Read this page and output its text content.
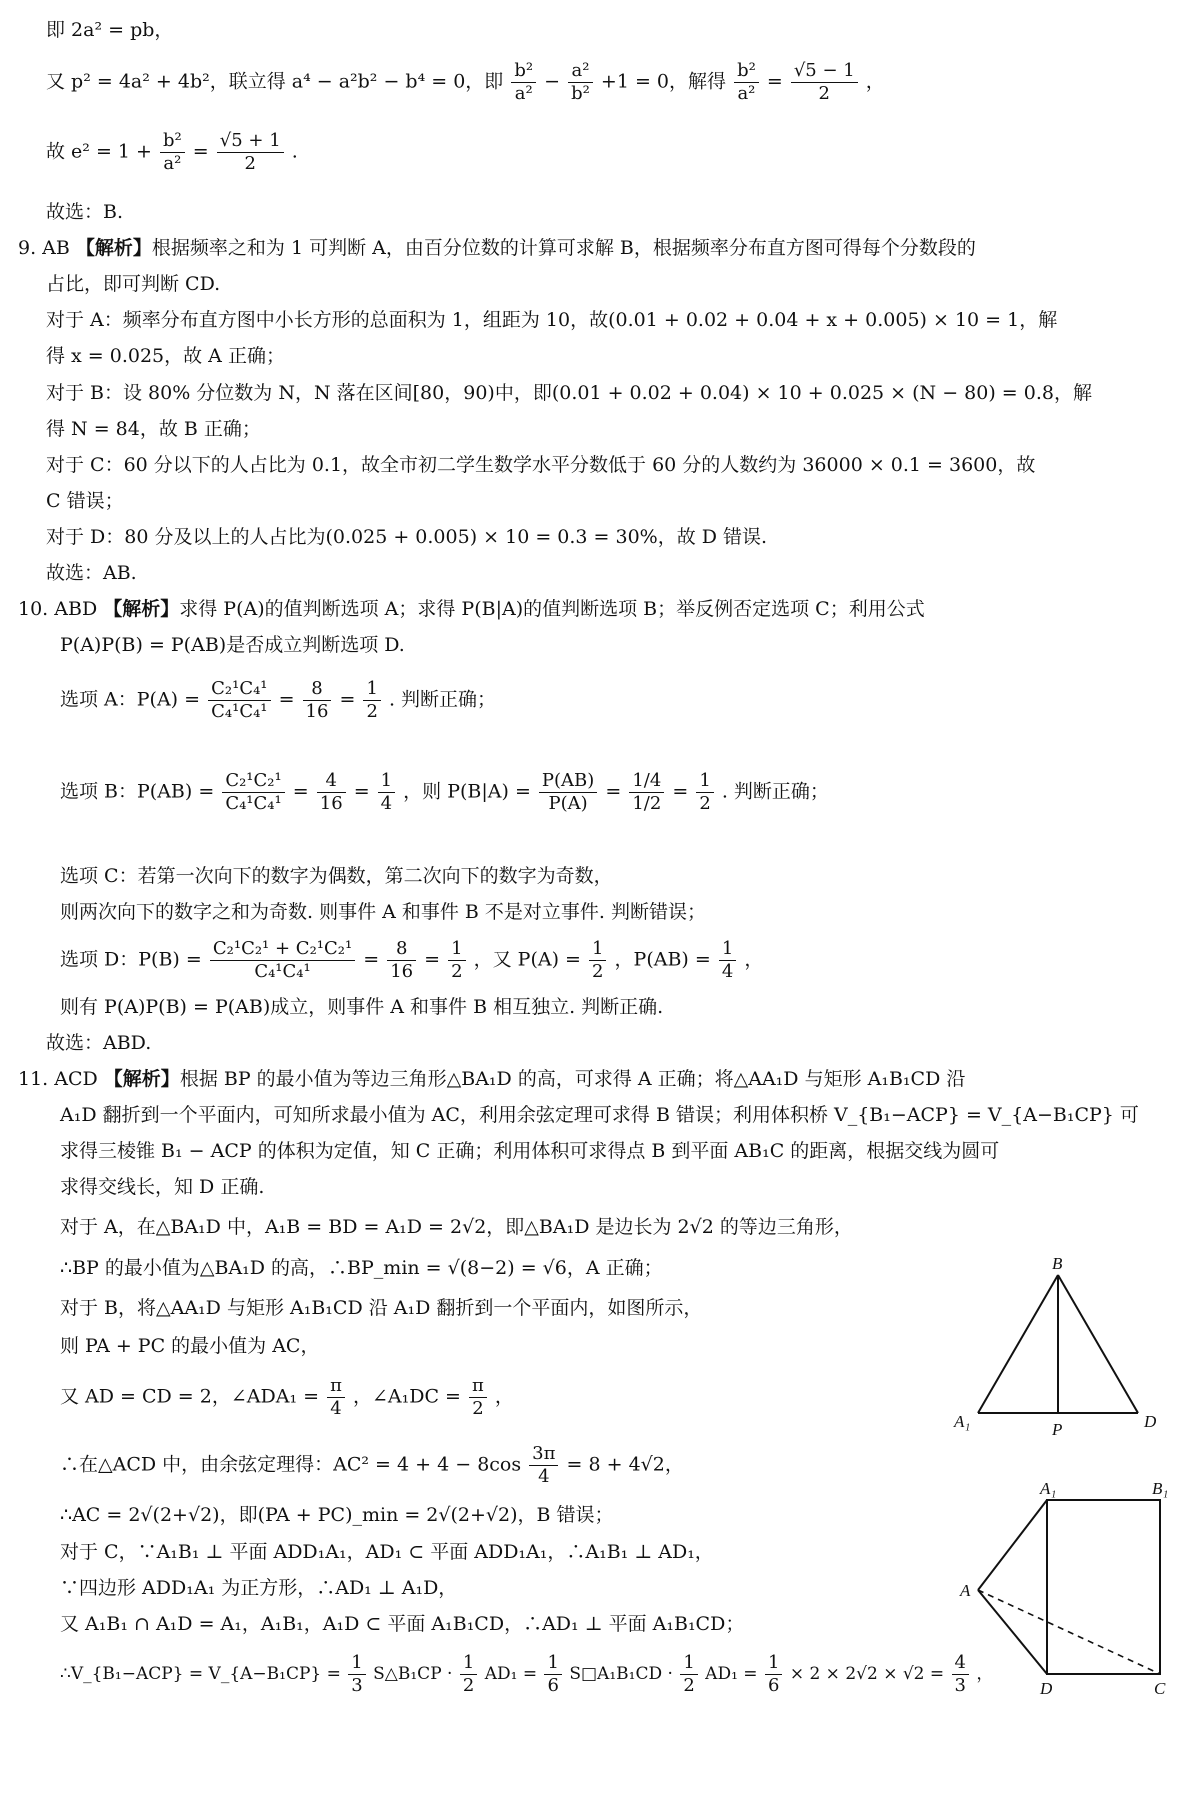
即 2a² = pb，
又 p² = 4a² + 4b²，联立得 a⁴ − a²b² − b⁴ = 0，即 $\frac{\text{b²}}{\text{a²}} - \frac{\text{a²}}{\text{b²}} +1 = 0$，解得 $\frac{\text{b²}}{\text{a²}} = \frac{√5 - 1}{2}$ ，
故 $e^2 = 1 + \frac{\text{b²}}{\text{a²}} = \frac{√5 + 1}{2}$ .
故选：B.
9. AB 【解析】根据频率之和为 1 可判断 A，由百分位数的计算可求解 B，根据频率分布直方图可得每个分数段的
占比，即可判断 CD.
对于 A：频率分布直方图中小长方形的总面积为 1，组距为 10，故(0.01 + 0.02 + 0.04 + x + 0.005) × 10 = 1，解
得 x = 0.025，故 A 正确；
对于 B：设 80% 分位数为 N，N 落在区间[80，90)中，即(0.01 + 0.02 + 0.04) × 10 + 0.025 × (N − 80) = 0.8，解
得 N = 84，故 B 正确；
对于 C：60 分以下的人占比为 0.1，故全市初二学生数学水平分数低于 60 分的人数约为 36000 × 0.1 = 3600，故
C 错误；
对于 D：80 分及以上的人占比为(0.025 + 0.005) × 10 = 0.3 = 30%，故 D 错误.
故选：AB.
10. ABD 【解析】求得 P(A)的值判断选项 A；求得 P(B|A)的值判断选项 B；举反例否定选项 C；利用公式
P(A)P(B) = P(AB)是否成立判断选项 D.
选项 A：$P(A) = \frac{\text{C₂¹C₄¹}}{\text{C₄¹C₄¹}} = \frac{8}{16} = \frac{1}{2}$ . 判断正确；
选项 B：$P(AB) = \frac{\text{C₂¹C₂¹}}{\text{C₄¹C₄¹}} = \frac{4}{16} = \frac{1}{4}$ ，则 $P(B|A) = \frac{P(AB)}{P(A)} = \frac{1/4}{1/2} = \frac{1}{2}$ . 判断正确；
选项 C：若第一次向下的数字为偶数，第二次向下的数字为奇数，
则两次向下的数字之和为奇数. 则事件 A 和事件 B 不是对立事件. 判断错误；
选项 D：$P(B) = \frac{\text{C₂¹C₂¹ + C₂¹C₂¹}}{\text{C₄¹C₄¹}} = \frac{8}{16} = \frac{1}{2}$ ，又 $P(A) = \frac{1}{2}$ ，$P(AB) = \frac{1}{4}$ ，
则有 P(A)P(B) = P(AB)成立，则事件 A 和事件 B 相互独立. 判断正确.
故选：ABD.
11. ACD 【解析】根据 BP 的最小值为等边三角形△BA₁D 的高，可求得 A 正确；将△AA₁D 与矩形 A₁B₁CD 沿
A₁D 翻折到一个平面内，可知所求最小值为 AC，利用余弦定理可求得 B 错误；利用体积桥 V_{B₁−ACP} = V_{A−B₁CP} 可
求得三棱锥 B₁ − ACP 的体积为定值，知 C 正确；利用体积可求得点 B 到平面 AB₁C 的距离，根据交线为圆可
求得交线长，知 D 正确.
对于 A，在△BA₁D 中，A₁B = BD = A₁D = 2√2，即△BA₁D 是边长为 2√2 的等边三角形，
∴BP 的最小值为△BA₁D 的高，∴BP_min = √(8−2) = √6，A 正确；
对于 B，将△AA₁D 与矩形 A₁B₁CD 沿 A₁D 翻折到一个平面内，如图所示，
则 PA + PC 的最小值为 AC，
又 AD = CD = 2，∠ADA₁ = $\frac{\pi}{4}$ ，∠A₁DC = $\frac{\pi}{2}$ ，
∴在△ACD 中，由余弦定理得：$AC^2 = 4 + 4 - 8\cos \frac{3\pi}{4} = 8 + 4√2$，
∴AC = 2√(2+√2)，即(PA + PC)_min = 2√(2+√2)，B 错误；
对于 C，∵A₁B₁ ⊥ 平面 ADD₁A₁，AD₁ ⊂ 平面 ADD₁A₁，∴A₁B₁ ⊥ AD₁，
∵四边形 ADD₁A₁ 为正方形，∴AD₁ ⊥ A₁D，
又 A₁B₁ ∩ A₁D = A₁，A₁B₁，A₁D ⊂ 平面 A₁B₁CD，∴AD₁ ⊥ 平面 A₁B₁CD；
∴V_{B₁−ACP} = V_{A−B₁CP} = $\frac{1}{3}$ S△B₁CP · $\frac{1}{2} AD_1 = \frac{1}{6}$ S□A₁B₁CD · $\frac{1}{2} AD_1 = \frac{1}{6} \times 2 \times 2√2 \times √2 = \frac{4}{3}$ ，
B
A₁	P	D
A₁	B₁
A
D	C
